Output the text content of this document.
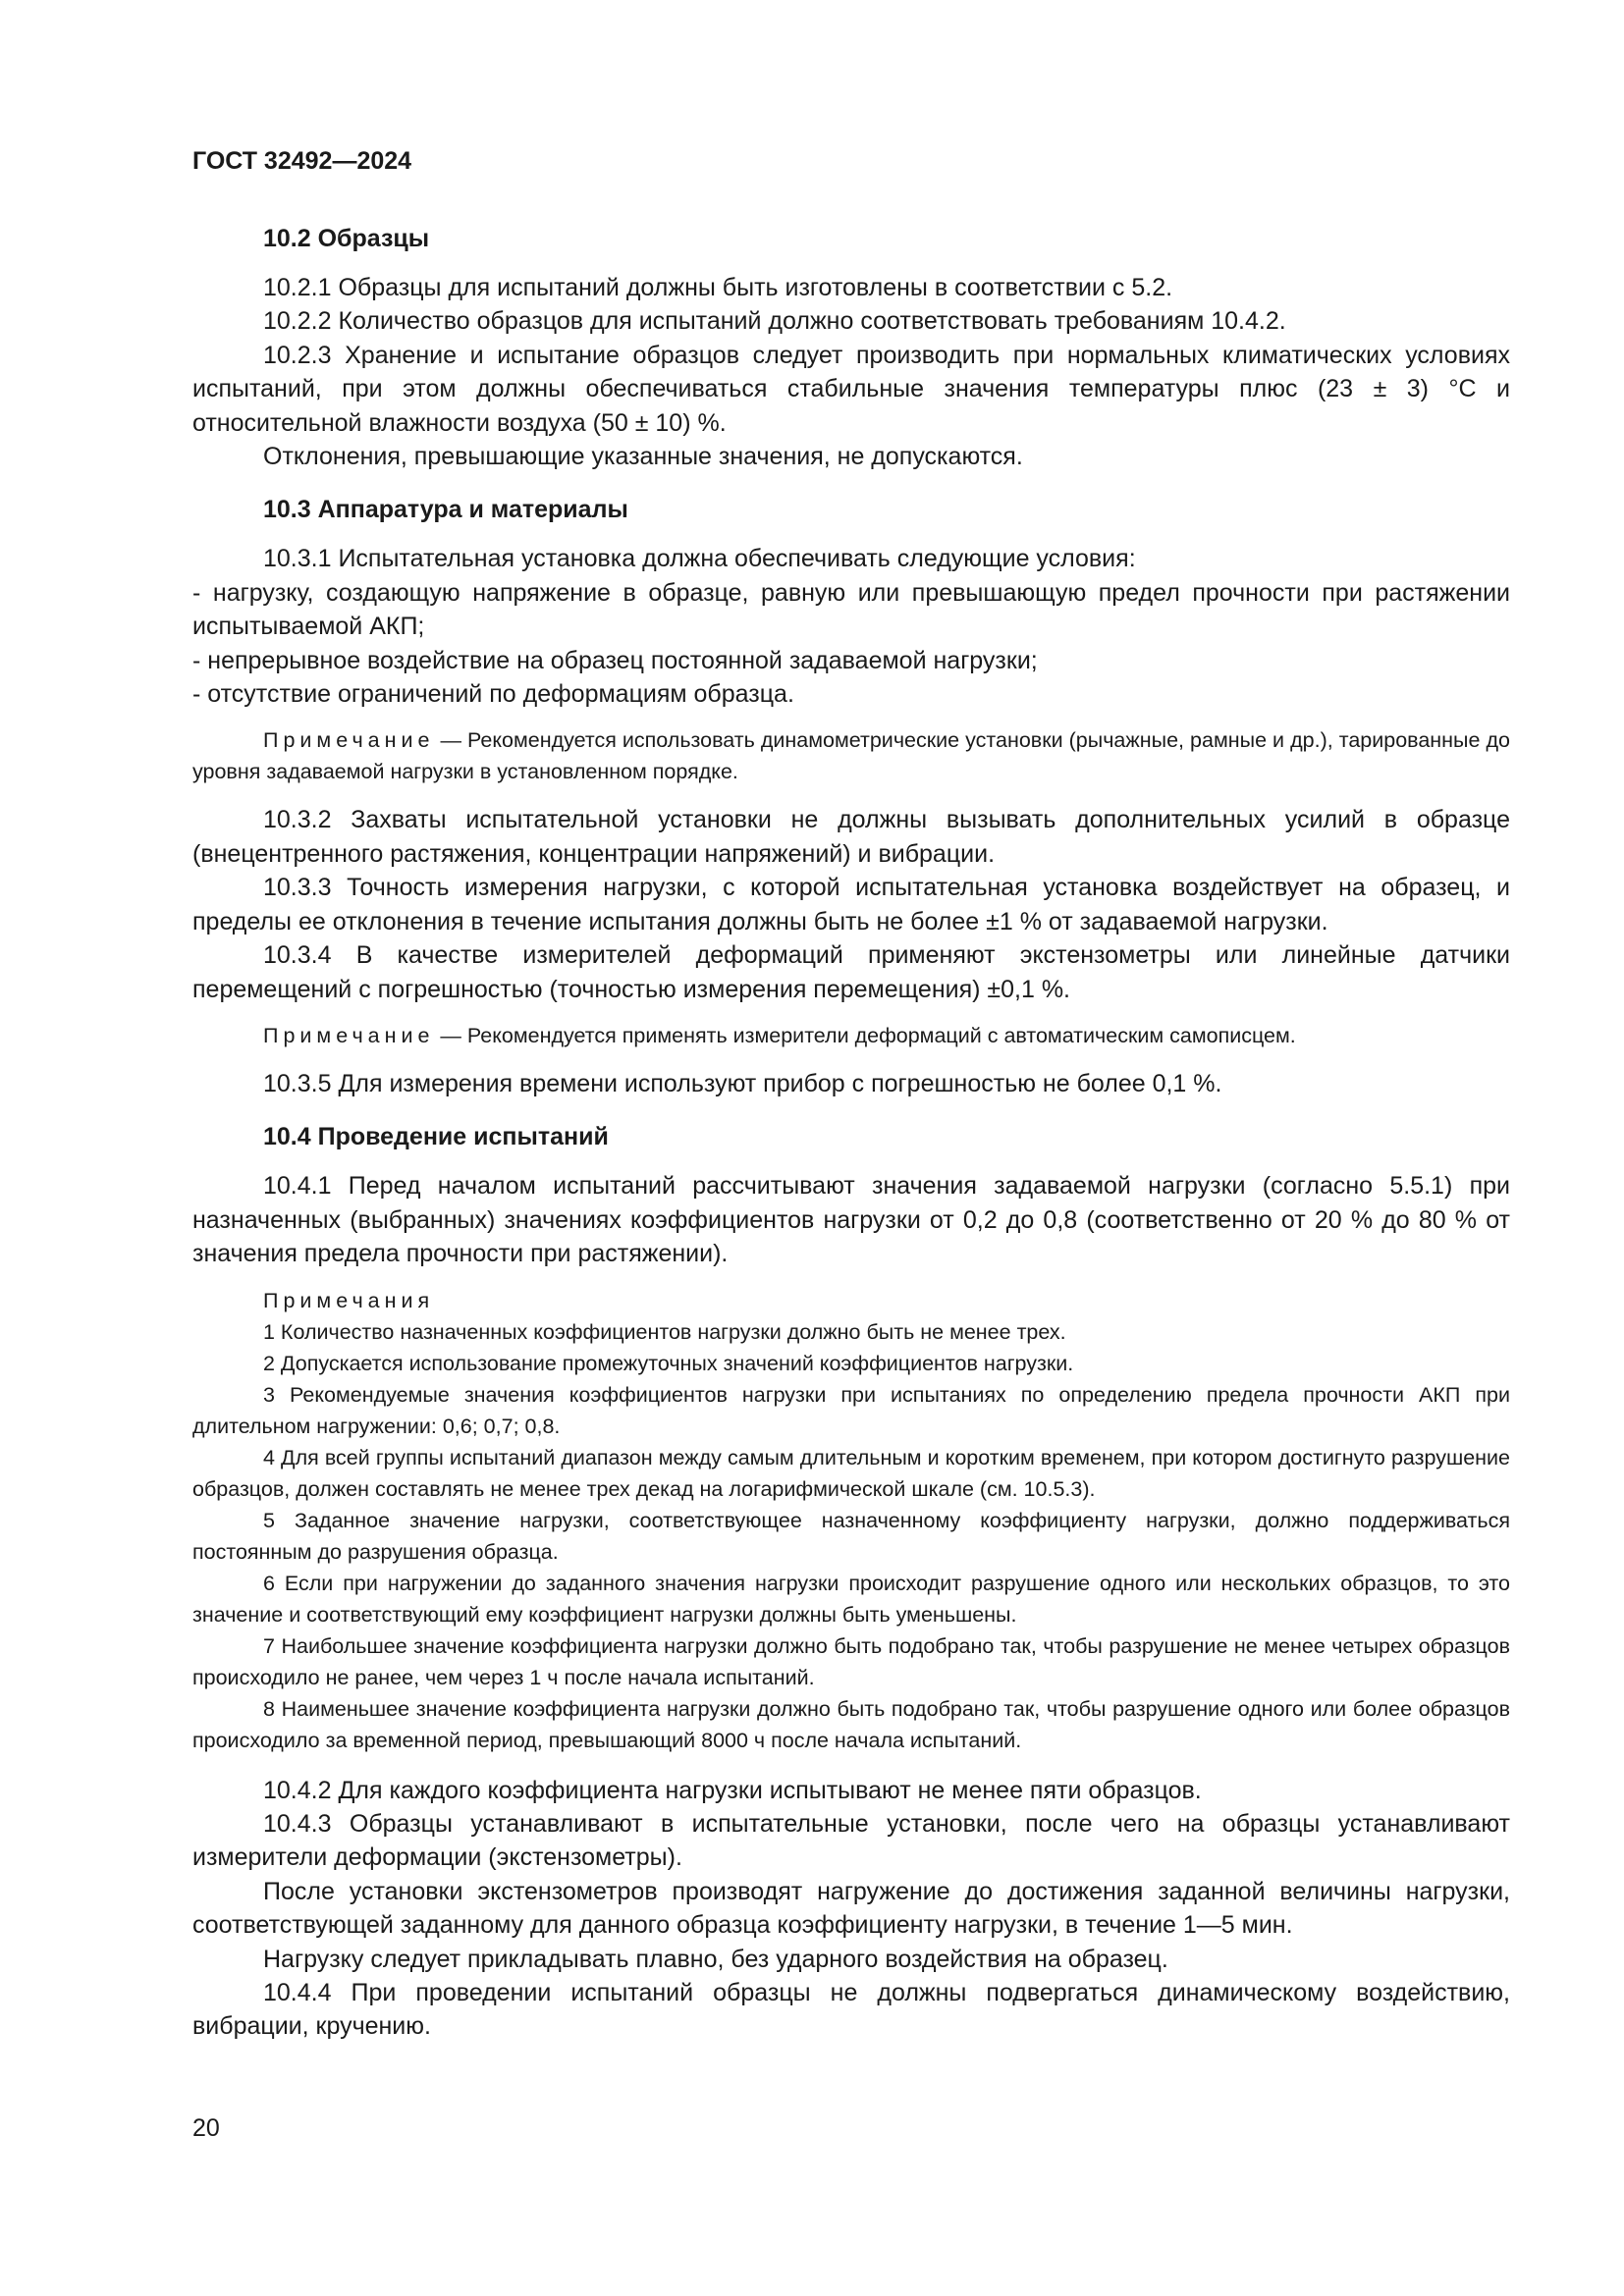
ГОСТ 32492—2024

10.2 Образцы

10.2.1 Образцы для испытаний должны быть изготовлены в соответствии с 5.2.

10.2.2 Количество образцов для испытаний должно соответствовать требованиям 10.4.2.

10.2.3 Хранение и испытание образцов следует производить при нормальных климатических условиях испытаний, при этом должны обеспечиваться стабильные значения температуры плюс (23 ± 3) °С и относительной влажности воздуха (50 ± 10) %.

Отклонения, превышающие указанные значения, не допускаются.

10.3 Аппаратура и материалы

10.3.1 Испытательная установка должна обеспечивать следующие условия:

- нагрузку, создающую напряжение в образце, равную или превышающую предел прочности при растяжении испытываемой АКП;

- непрерывное воздействие на образец постоянной задаваемой нагрузки;

- отсутствие ограничений по деформациям образца.

Примечание — Рекомендуется использовать динамометрические установки (рычажные, рамные и др.), тарированные до уровня задаваемой нагрузки в установленном порядке.

10.3.2 Захваты испытательной установки не должны вызывать дополнительных усилий в образце (внецентренного растяжения, концентрации напряжений) и вибрации.

10.3.3 Точность измерения нагрузки, с которой испытательная установка воздействует на образец, и пределы ее отклонения в течение испытания должны быть не более ±1 % от задаваемой нагрузки.

10.3.4 В качестве измерителей деформаций применяют экстензометры или линейные датчики перемещений с погрешностью (точностью измерения перемещения) ±0,1 %.

Примечание — Рекомендуется применять измерители деформаций с автоматическим самописцем.

10.3.5 Для измерения времени используют прибор с погрешностью не более 0,1 %.

10.4 Проведение испытаний

10.4.1 Перед началом испытаний рассчитывают значения задаваемой нагрузки (согласно 5.5.1) при назначенных (выбранных) значениях коэффициентов нагрузки от 0,2 до 0,8 (соответственно от 20 % до 80 % от значения предела прочности при растяжении).

Примечания

1 Количество назначенных коэффициентов нагрузки должно быть не менее трех.

2 Допускается использование промежуточных значений коэффициентов нагрузки.

3 Рекомендуемые значения коэффициентов нагрузки при испытаниях по определению предела прочности АКП при длительном нагружении: 0,6; 0,7; 0,8.

4 Для всей группы испытаний диапазон между самым длительным и коротким временем, при котором достигнуто разрушение образцов, должен составлять не менее трех декад на логарифмической шкале (см. 10.5.3).

5 Заданное значение нагрузки, соответствующее назначенному коэффициенту нагрузки, должно поддерживаться постоянным до разрушения образца.

6 Если при нагружении до заданного значения нагрузки происходит разрушение одного или нескольких образцов, то это значение и соответствующий ему коэффициент нагрузки должны быть уменьшены.

7 Наибольшее значение коэффициента нагрузки должно быть подобрано так, чтобы разрушение не менее четырех образцов происходило не ранее, чем через 1 ч после начала испытаний.

8 Наименьшее значение коэффициента нагрузки должно быть подобрано так, чтобы разрушение одного или более образцов происходило за временной период, превышающий 8000 ч после начала испытаний.

10.4.2 Для каждого коэффициента нагрузки испытывают не менее пяти образцов.

10.4.3 Образцы устанавливают в испытательные установки, после чего на образцы устанавливают измерители деформации (экстензометры).

После установки экстензометров производят нагружение до достижения заданной величины нагрузки, соответствующей заданному для данного образца коэффициенту нагрузки, в течение 1—5 мин.

Нагрузку следует прикладывать плавно, без ударного воздействия на образец.

10.4.4 При проведении испытаний образцы не должны подвергаться динамическому воздействию, вибрации, кручению.

20
